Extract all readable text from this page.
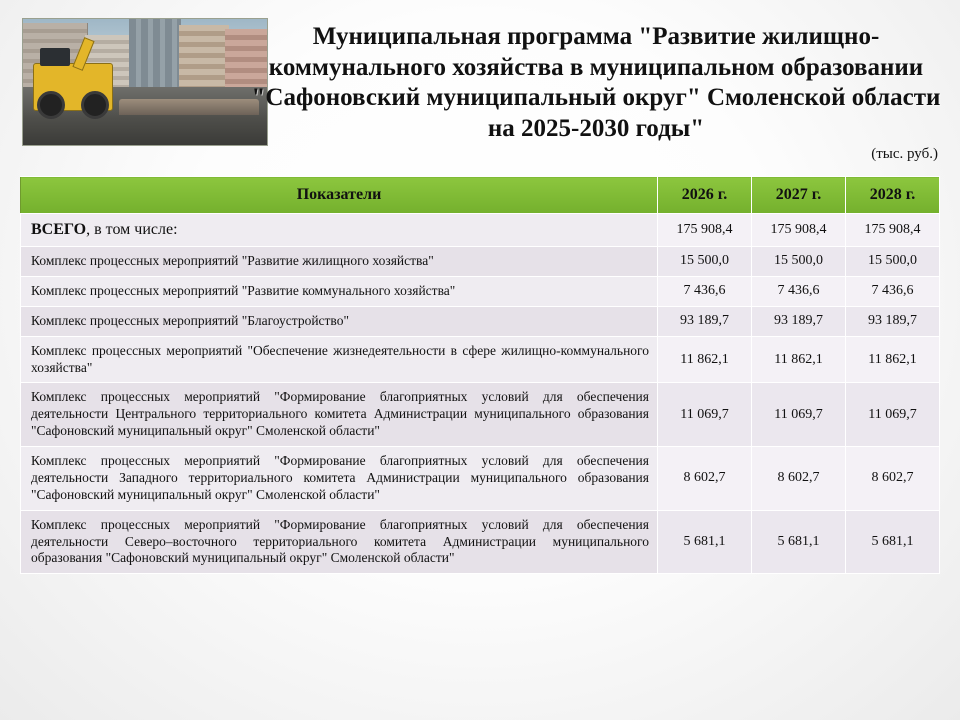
Муниципальная программа "Развитие жилищно-коммунального хозяйства в муниципальном образовании "Сафоновский муниципальный округ" Смоленской области на 2025-2030 годы"
(тыс. руб.)
Показатели	2026 г.	2027 г.	2028 г.
ВСЕГО, в том числе:	175 908,4	175 908,4	175 908,4
Комплекс процессных мероприятий "Развитие жилищного хозяйства"	15 500,0	15 500,0	15 500,0
Комплекс процессных мероприятий "Развитие коммунального хозяйства"	7 436,6	7 436,6	7 436,6
Комплекс процессных мероприятий "Благоустройство"	93 189,7	93 189,7	93 189,7
Комплекс процессных мероприятий "Обеспечение жизнедеятельности в сфере жилищно-коммунального хозяйства"	11 862,1	11 862,1	11 862,1
Комплекс процессных мероприятий "Формирование благоприятных условий для обеспечения деятельности Центрального территориального комитета Администрации муниципального образования "Сафоновский муниципальный округ" Смоленской области"	11 069,7	11 069,7	11 069,7
Комплекс процессных мероприятий "Формирование благоприятных условий для обеспечения деятельности Западного территориального комитета Администрации муниципального образования "Сафоновский муниципальный округ" Смоленской области"	8 602,7	8 602,7	8 602,7
Комплекс процессных мероприятий "Формирование благоприятных условий для обеспечения деятельности Северо–восточного территориального комитета Администрации муниципального образования "Сафоновский муниципальный округ" Смоленской области"	5 681,1	5 681,1	5 681,1
